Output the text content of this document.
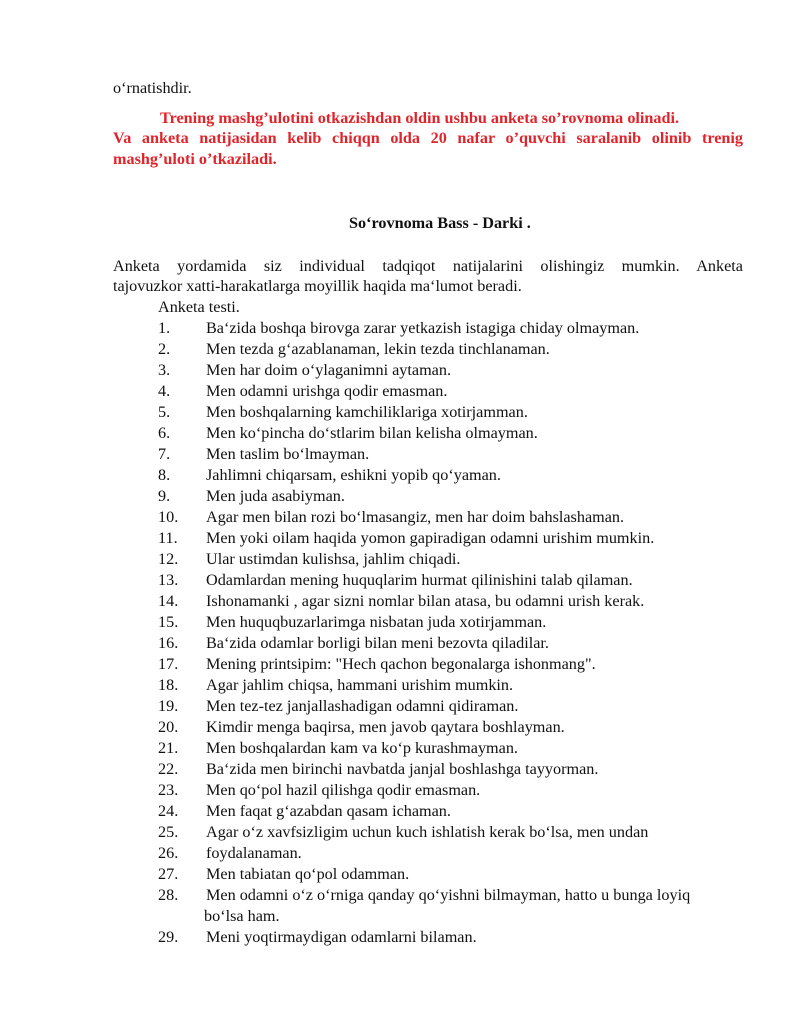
o‘rnatishdir.
Trening mashg’ulotini otkazishdan oldin ushbu anketa so’rovnoma olinadi.
Va anketa natijasidan kelib chiqqn olda 20 nafar o’quvchi saralanib olinib trenig
mashg’uloti o’tkaziladi.
So‘rovnoma Bass - Darki .
Anketa yordamida siz individual tadqiqot natijalarini olishingiz mumkin. Anketa
tajovuzkor xatti-harakatlarga moyillik haqida ma‘lumot beradi.
Anketa testi.
1. Ba‘zida boshqa birovga zarar yetkazish istagiga chiday olmayman.
2. Men tezda g‘azablanaman, lekin tezda tinchlanaman.
3. Men har doim o‘ylaganimni aytaman.
4. Men odamni urishga qodir emasman.
5. Men boshqalarning kamchiliklariga xotirjamman.
6. Men ko‘pincha do‘stlarim bilan kelisha olmayman.
7. Men taslim bo‘lmayman.
8. Jahlimni chiqarsam, eshikni yopib qo‘yaman.
9. Men juda asabiyman.
10. Agar men bilan rozi bo‘lmasangiz, men har doim bahslashaman.
11. Men yoki oilam haqida yomon gapiradigan odamni urishim mumkin.
12. Ular ustimdan kulishsa, jahlim chiqadi.
13. Odamlardan mening huquqlarim hurmat qilinishini talab qilaman.
14. Ishonamanki , agar sizni nomlar bilan atasa, bu odamni urish kerak.
15. Men huquqbuzarlarimga nisbatan juda xotirjamman.
16. Ba‘zida odamlar borligi bilan meni bezovta qiladilar.
17. Mening printsipim: "Hech qachon begonalarga ishonmang".
18. Agar jahlim chiqsa, hammani urishim mumkin.
19. Men tez-tez janjallashadigan odamni qidiraman.
20. Kimdir menga baqirsa, men javob qaytara boshlayman.
21. Men boshqalardan kam va ko‘p kurashmayman.
22. Ba‘zida men birinchi navbatda janjal boshlashga tayyorman.
23. Men qo‘pol hazil qilishga qodir emasman.
24. Men faqat g‘azabdan qasam ichaman.
25. Agar o‘z xavfsizligim uchun kuch ishlatish kerak bo‘lsa, men undan
26. foydalanaman.
27. Men tabiatan qo‘pol odamman.
28. Men odamni o‘z o‘rniga qanday qo‘yishni bilmayman, hatto u bunga loyiq
bo‘lsa ham.
29. Meni yoqtirmaydigan odamlarni bilaman.
